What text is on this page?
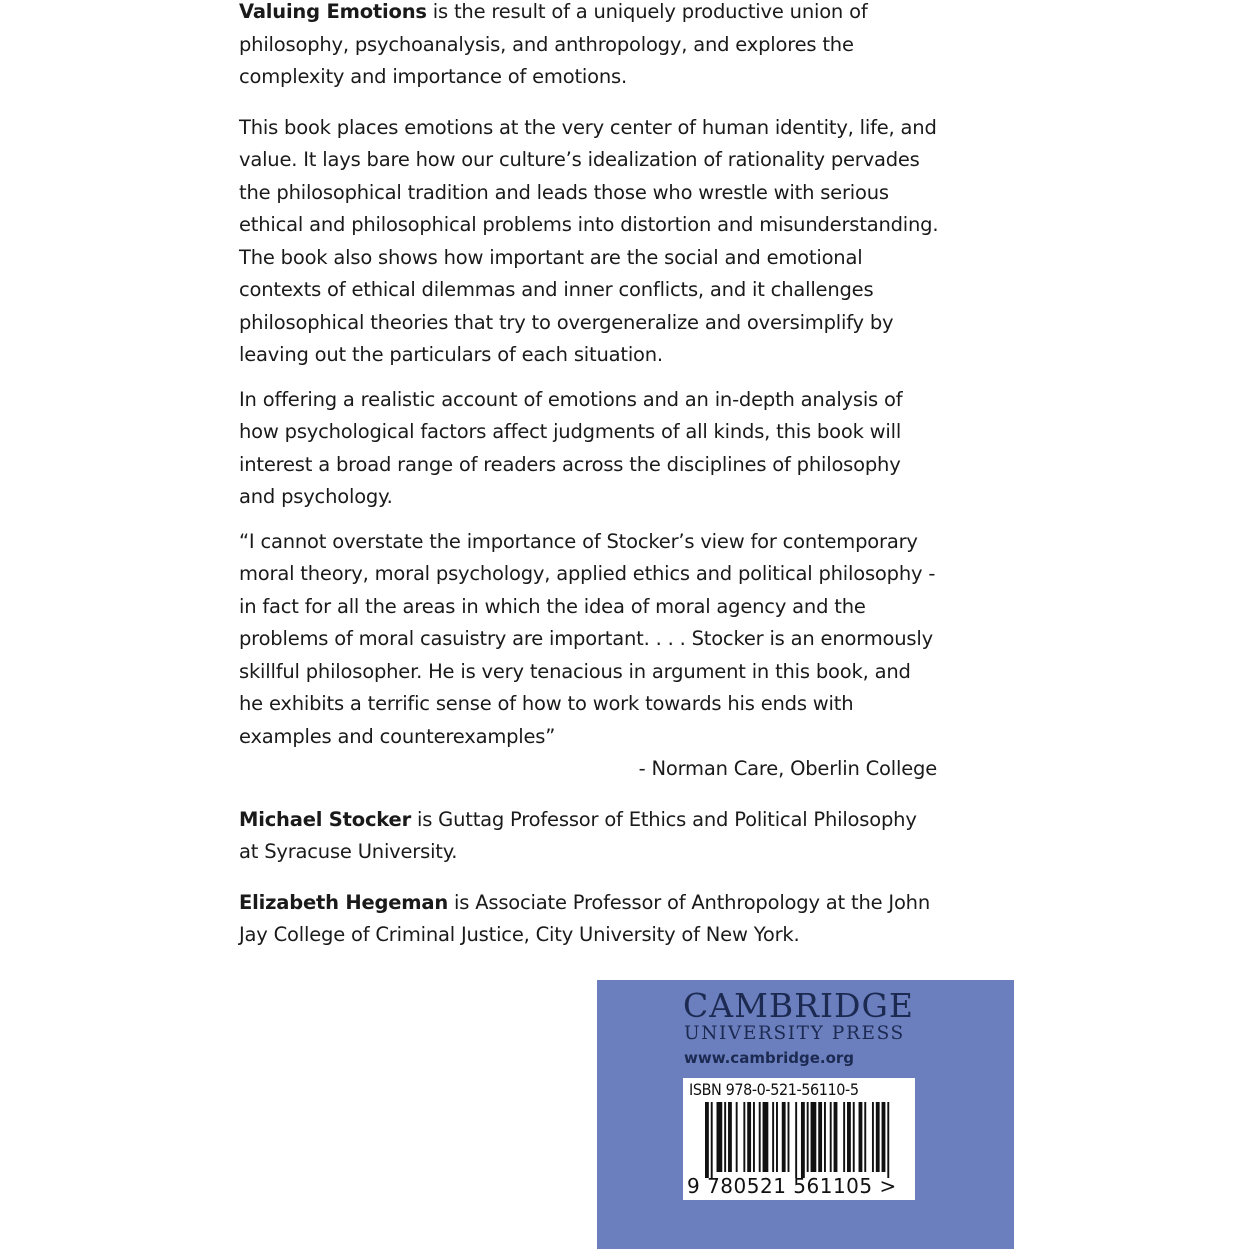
Valuing Emotions is the result of a uniquely productive union of philosophy, psychoanalysis, and anthropology, and explores the complexity and importance of emotions.

This book places emotions at the very center of human identity, life, and value. It lays bare how our culture’s idealization of rationality pervades the philosophical tradition and leads those who wrestle with serious ethical and philosophical problems into distortion and misunderstanding. The book also shows how important are the social and emotional contexts of ethical dilemmas and inner conflicts, and it challenges philosophical theories that try to overgeneralize and oversimplify by leaving out the particulars of each situation.

In offering a realistic account of emotions and an in-depth analysis of how psychological factors affect judgments of all kinds, this book will interest a broad range of readers across the disciplines of philosophy and psychology.

“I cannot overstate the importance of Stocker’s view for contemporary moral theory, moral psychology, applied ethics and political philosophy - in fact for all the areas in which the idea of moral agency and the problems of moral casuistry are important. . . . Stocker is an enormously skillful philosopher. He is very tenacious in argument in this book, and he exhibits a terrific sense of how to work towards his ends with examples and counterexamples”

- Norman Care, Oberlin College

Michael Stocker is Guttag Professor of Ethics and Political Philosophy at Syracuse University.

Elizabeth Hegeman is Associate Professor of Anthropology at the John Jay College of Criminal Justice, City University of New York.

CAMBRIDGE
UNIVERSITY PRESS
www.cambridge.org
ISBN 978-0-521-56110-5
9 780521 561105 >
